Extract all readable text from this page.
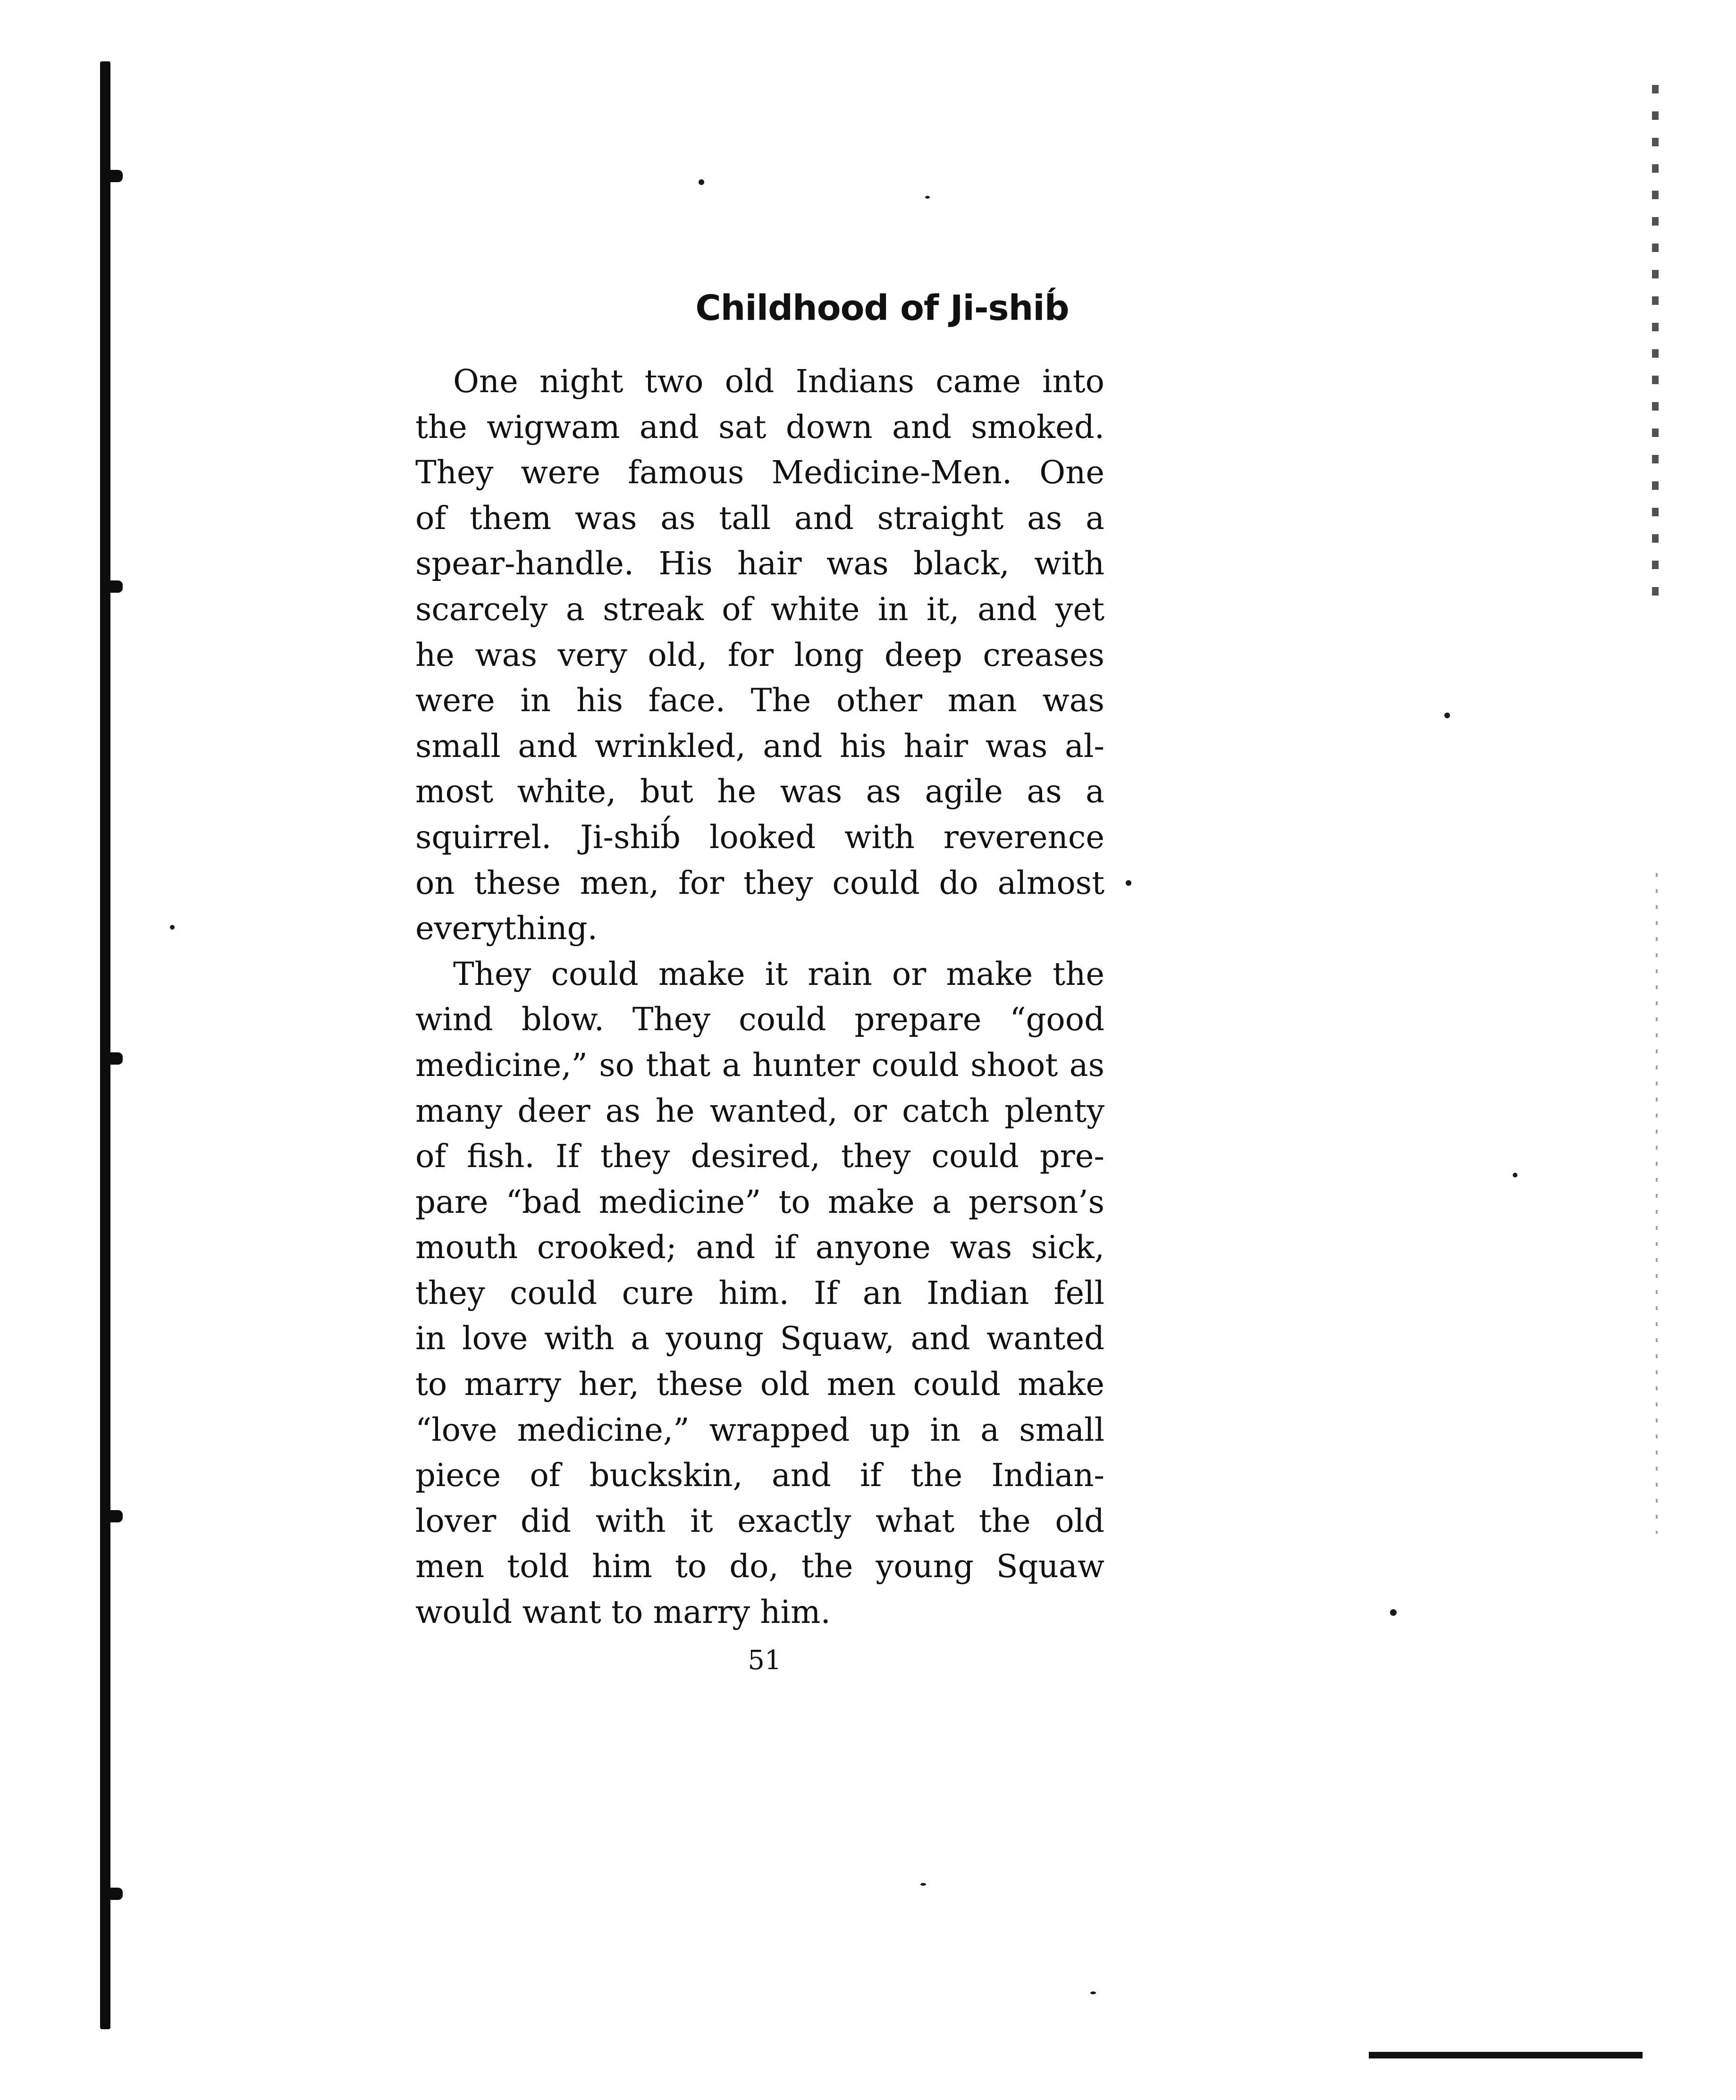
Childhood of Ji-shib́
One night two old Indians came into
the wigwam and sat down and smoked.
They were famous Medicine-Men. One
of them was as tall and straight as a
spear-handle. His hair was black, with
scarcely a streak of white in it, and yet
he was very old, for long deep creases
were in his face. The other man was
small and wrinkled, and his hair was al-
most white, but he was as agile as a
squirrel. Ji-shib́ looked with reverence
on these men, for they could do almost
everything.
They could make it rain or make the
wind blow. They could prepare “good
medicine,” so that a hunter could shoot as
many deer as he wanted, or catch plenty
of fish. If they desired, they could pre-
pare “bad medicine” to make a person’s
mouth crooked; and if anyone was sick,
they could cure him. If an Indian fell
in love with a young Squaw, and wanted
to marry her, these old men could make
“love medicine,” wrapped up in a small
piece of buckskin, and if the Indian-
lover did with it exactly what the old
men told him to do, the young Squaw
would want to marry him.
51
